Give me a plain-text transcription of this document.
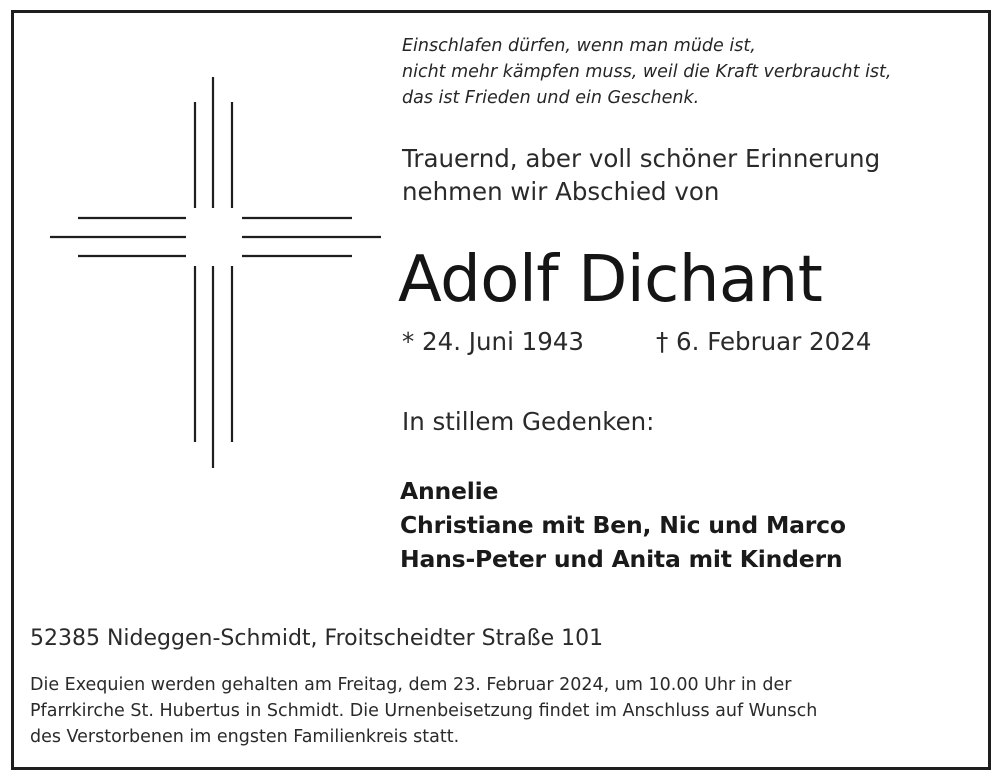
Einschlafen dürfen, wenn man müde ist,
nicht mehr kämpfen muss, weil die Kraft verbraucht ist,
das ist Frieden und ein Geschenk.
Trauernd, aber voll schöner Erinnerung
nehmen wir Abschied von
Adolf Dichant
* 24. Juni 1943	† 6. Februar 2024
In stillem Gedenken:
Annelie
Christiane mit Ben, Nic und Marco
Hans-Peter und Anita mit Kindern
52385 Nideggen-Schmidt, Froitscheidter Straße 101
Die Exequien werden gehalten am Freitag, dem 23. Februar 2024, um 10.00 Uhr in der
Pfarrkirche St. Hubertus in Schmidt. Die Urnenbeisetzung findet im Anschluss auf Wunsch
des Verstorbenen im engsten Familienkreis statt.
